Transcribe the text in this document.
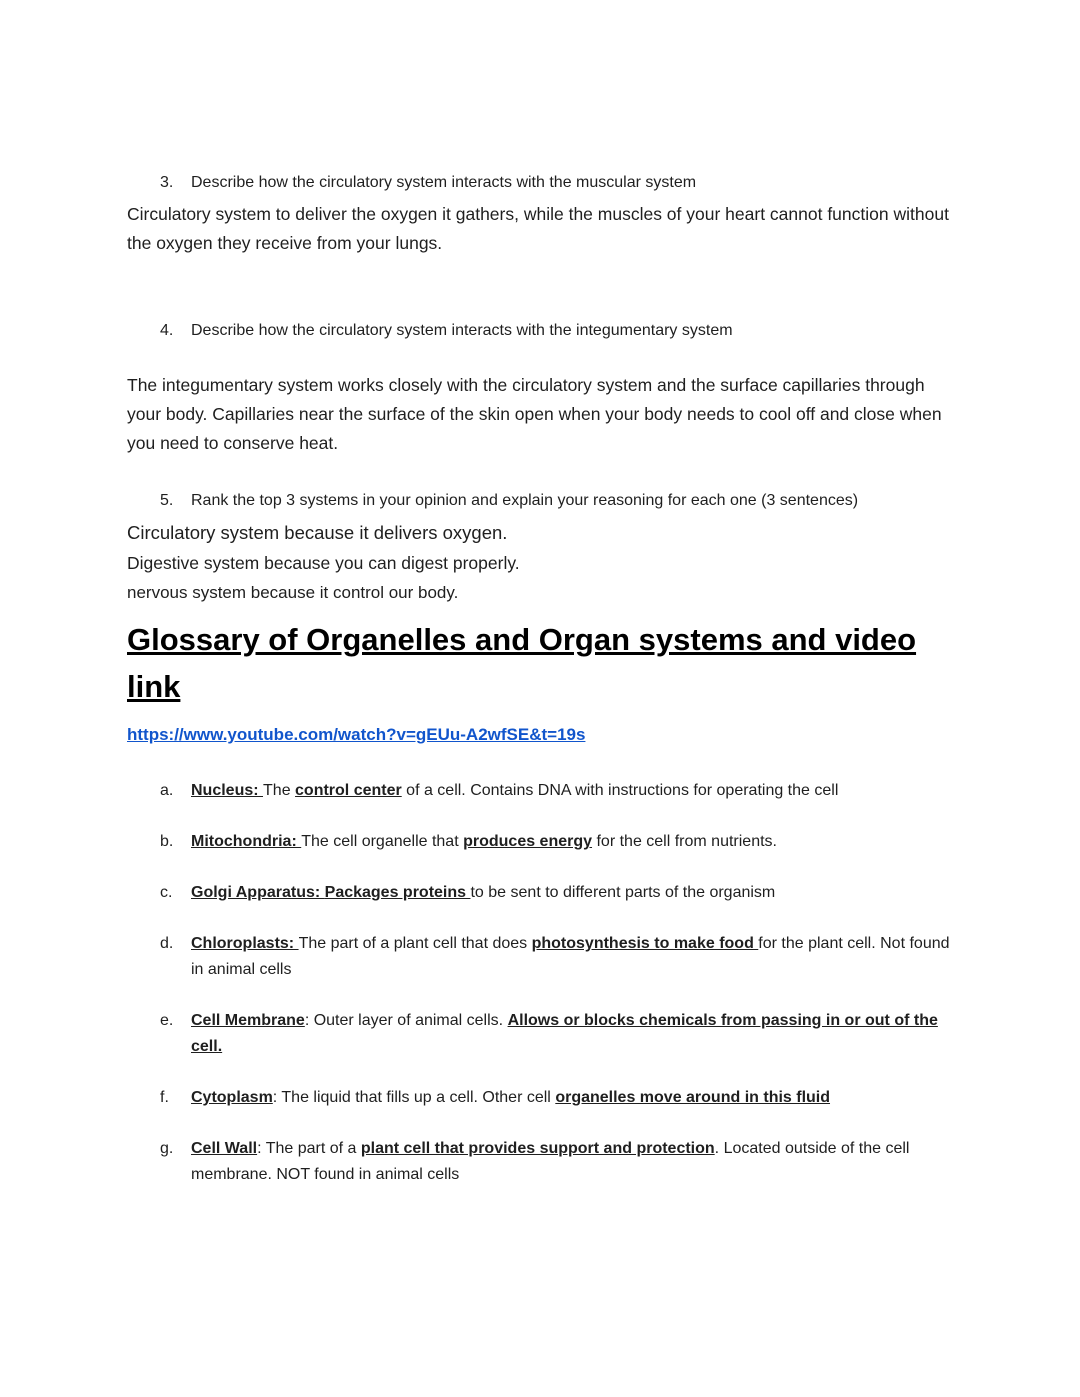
3.	Describe how the circulatory system interacts with the muscular system

Circulatory system to deliver the oxygen it gathers, while the muscles of your heart cannot function without the oxygen they receive from your lungs.

4.	Describe how the circulatory system interacts with the integumentary system

The integumentary system works closely with the circulatory system and the surface capillaries through your body. Capillaries near the surface of the skin open when your body needs to cool off and close when you need to conserve heat.

5.	Rank the top 3 systems in your opinion and explain your reasoning for each one (3 sentences)

Circulatory system because it delivers oxygen.

Digestive system because you can digest properly.

nervous system because it control our body.

Glossary of Organelles and Organ systems and video link
https://www.youtube.com/watch?v=gEUu-A2wfSE&t=19s
a.	Nucleus: The control center of a cell. Contains DNA with instructions for operating the cell
b.	Mitochondria: The cell organelle that produces energy for the cell from nutrients.
c.	Golgi Apparatus: Packages proteins to be sent to different parts of the organism
d.	Chloroplasts: The part of a plant cell that does photosynthesis to make food for the plant cell. Not found in animal cells
e.	Cell Membrane: Outer layer of animal cells. Allows or blocks chemicals from passing in or out of the cell.
f.	Cytoplasm: The liquid that fills up a cell. Other cell organelles move around in this fluid
g.	Cell Wall: The part of a plant cell that provides support and protection. Located outside of the cell membrane. NOT found in animal cells
